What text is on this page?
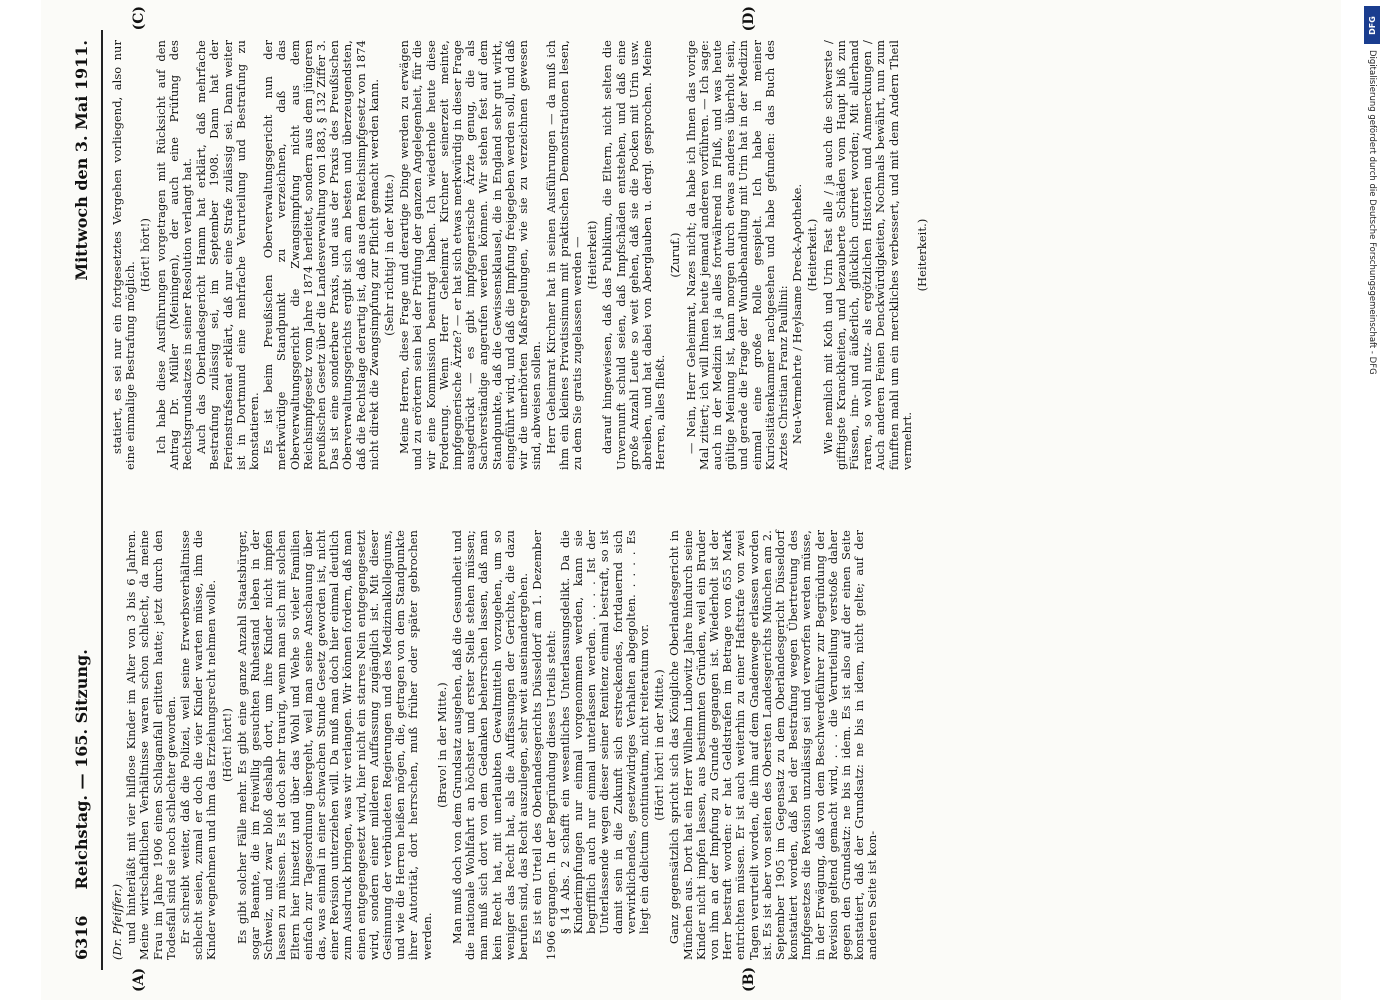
6316
Reichstag. — 165. Sitzung.
Mittwoch den 3. Mai 1911.
(A)	(B)
(C)	(D)

(Dr. Pfeiffer.) und hinterläßt mit vier hilflose Kinder im Alter von 3 bis 6 Jahren. Meine wirtschaftlichen Verhältnisse waren schon schlecht, da meine Frau im Jahre 1906 einen Schlaganfall erlitten hatte; jetzt durch den Todesfall sind sie noch schlechter geworden. Er schreibt weiter, daß die Polizei, weil seine Erwerbsverhältnisse schlecht seien, zumal er doch die vier Kinder warten müsse, ihm die Kinder wegnehmen und ihm das Erziehungsrecht nehmen wolle. (Hört! hört!) Es gibt solcher Fälle mehr. Es gibt eine ganze Anzahl Staatsbürger, sogar Beamte, die im freiwillig gesuchten Ruhestand leben in der Schweiz, und zwar bloß deshalb dort, um ihre Kinder nicht impfen lassen zu müssen. Es ist doch sehr traurig, wenn man sich mit solchen Eltern hier hinsetzt und über das Wohl und Wehe so vieler Familien einfach zur Tagesordnung übergeht, weil man seine Anschauung über das, was einmal in einer schwachen Stunde Gesetz geworden ist, nicht einer Revision unterziehen will. Da muß man doch hier einmal deutlich zum Ausdruck bringen, was wir verlangen. Wir können fordern, daß man einen entgegengesetzt wird, hier nicht ein starres Nein entgegengesetzt wird, sondern einer milderen Auffassung zugänglich ist. Mit dieser Gesinnung der verbündeten Regierungen und des Medizinalkollegiums, und wie die Herren heißen mögen, die, getragen von dem Standpunkte ihrer Autorität, dort herrschen, muß früher oder später gebrochen werden.

(Bravo! in der Mitte.) Man muß doch von dem Grundsatz ausgehen, daß die Gesundheit und die nationale Wohlfahrt an höchster und erster Stelle stehen müssen; man muß sich dort von dem Gedanken beherrschen lassen, daß man kein Recht hat, mit unerlaubten Gewaltmitteln vorzugehen, um so weniger das Recht hat, als die Auffassungen der Gerichte, die dazu berufen sind, das Recht auszulegen, sehr weit auseinandergehen. Es ist ein Urteil des Oberlandesgerichts Düsseldorf am 1. Dezember 1906 ergangen. In der Begründung dieses Urteils steht: § 14 Abs. 2 schafft ein wesentliches Unterlassungsdelikt. Da die Kinderimpfungen nur einmal vorgenommen werden, kann sie begrifflich auch nur einmal unterlassen werden. . . . . Ist der Unterlassende wegen dieser seiner Renitenz einmal bestraft, so ist damit sein in die Zukunft sich erstreckendes, fortdauernd sich verwirklichendes, gesetzwidriges Verhalten abgegolten. . . . . Es liegt ein delictum continuatum, nicht reiteratum vor. (Hört! hört! in der Mitte.) Ganz gegensätzlich spricht sich das Königliche Oberlandesgericht in München aus. Dort hat ein Herr Wilhelm Lubowitz Jahre hindurch seine Kinder nicht impfen lassen, aus bestimmten Gründen, weil ein Bruder von ihm an der Impfung zu Grunde gegangen ist. Wiederholt ist der Herr bestraft worden: er hat Geldstrafen im Betrage von 655 Mark entrichten müssen. Er ist auch weiterhin zu einer Haftstrafe von zwei Tagen verurteilt worden, die ihm auf dem Gnadenwege erlassen worden ist. Es ist aber von seiten des Obersten Landesgerichts München am 2. September 1905 im Gegensatz zu dem Oberlandesgericht Düsseldorf konstatiert worden, daß bei der Bestrafung wegen Übertretung des Impfgesetzes die Revision unzulässig sei und verworfen werden müsse, in der Erwägung, daß von dem Beschwerdeführer zur Begründung der Revision geltend gemacht wird, . . . die Verurteilung verstoße daher gegen den Grundsatz: ne bis in idem. Es ist also auf der einen Seite konstatiert, daß der Grundsatz: ne bis in idem, nicht gelte; auf der anderen Seite ist kon-

statiert, es sei nur ein fortgesetztes Vergehen vorliegend, also nur eine einmalige Bestrafung möglich.

(Hört! hört!) Ich habe diese Ausführungen vorgetragen mit Rücksicht auf den Antrag Dr. Müller (Meiningen), der auch eine Prüfung des Rechtsgrundsatzes in seiner Resolution verlangt hat. Auch das Oberlandesgericht Hamm hat erklärt, daß mehrfache Bestrafung zulässig sei, im September 1908. Dann hat der Ferienstrafsenat erklärt, daß nur eine Strafe zulässig sei. Dann weiter ist in Dortmund eine mehrfache Verurteilung und Bestrafung zu konstatieren. Es ist beim Preußischen Oberverwaltungsgericht nun der merkwürdige Standpunkt zu verzeichnen, daß das Oberverwaltungsgericht die Zwangsimpfung nicht aus dem Reichsimpfgesetz vom Jahre 1874 herleitet, sondern aus dem jüngeren preußischen Gesetz über die Landesverwaltung von 1883, § 132 Ziffer 3. Das ist eine sonderbare Praxis, und aus der Praxis des Preußischen Oberverwaltungsgerichts ergibt sich am besten und überzeugendsten, daß die Rechtslage derartig ist, daß aus dem Reichsimpfgesetz von 1874 nicht direkt die Zwangsimpfung zur Pflicht gemacht werden kann. (Sehr richtig! in der Mitte.) Meine Herren, diese Frage und derartige Dinge werden zu erwägen und zu erörtern sein bei der Prüfung der ganzen Angelegenheit, für die wir eine Kommission beantragt haben. Ich wiederhole heute diese Forderung. Wenn Herr Geheimrat Kirchner seinerzeit meinte, impfgegnerische Ärzte? — er hat sich etwas merkwürdig in dieser Frage ausgedrückt — es gibt impfgegnerische Ärzte genug, die als Sachverständige angerufen werden können. Wir stehen fest auf dem Standpunkte, daß die Gewissensklausel, die in England sehr gut wirkt, eingeführt wird, und daß die Impfung freigegeben werden soll, und daß wir die unerhörten Maßregelungen, wie sie zu verzeichnen gewesen sind, abweisen sollen. Herr Geheimrat Kirchner hat in seinen Ausführungen — da muß ich ihm ein kleines Privatissimum mit praktischen Demonstrationen lesen, zu dem Sie gratis zugelassen werden — (Heiterkeit) darauf hingewiesen, daß das Publikum, die Eltern, nicht selten die Unvernunft schuld seien, daß Impfschäden entstehen, und daß eine große Anzahl Leute so weit gehen, daß sie die Pocken mit Urin usw. abreiben, und hat dabei von Aberglauben u. dergl. gesprochen. Meine Herren, alles fließt.

(Zuruf.) — Nein, Herr Geheimrat, Nazes nicht; da habe ich Ihnen das vorige Mal zitiert; ich will Ihnen heute jemand anderen vorführen. — Ich sage: auch in der Medizin ist ja alles fortwährend im Fluß, und was heute gültige Meinung ist, kann morgen durch etwas anderes überholt sein, und gerade die Frage der Wundbehandlung mit Urin hat in der Medizin einmal eine große Rolle gespielt. Ich habe in meiner Kuriositätenkammer nachgesehen und habe gefunden: das Buch des Arztes Christian Franz Paullini: Neu-Vermehrte / Heylsame Dreck-Apotheke. (Heiterkeit.) Wie nemlich mit Koth und Urin Fast alle / ja auch die schwerste / gifftigste Kranckheiten, und bezauberte Schäden vom Haupt biß zun Füssen, inn- und äußerlich, glücklich curiret worden; Mit allerhand raren, so wohl nutz- als ergötzlichen Historien und Anmerckungen / Auch anderen Feinen Denckwürdigkeiten, Nochmals bewährt, nun zum fünfften mahl um ein merckliches verbessert, und mit dem Andern Theil vermehrt.

(Heiterkeit.)

DFG
Digitalisierung gefördert durch die Deutsche Forschungsgemeinschaft - DFG
